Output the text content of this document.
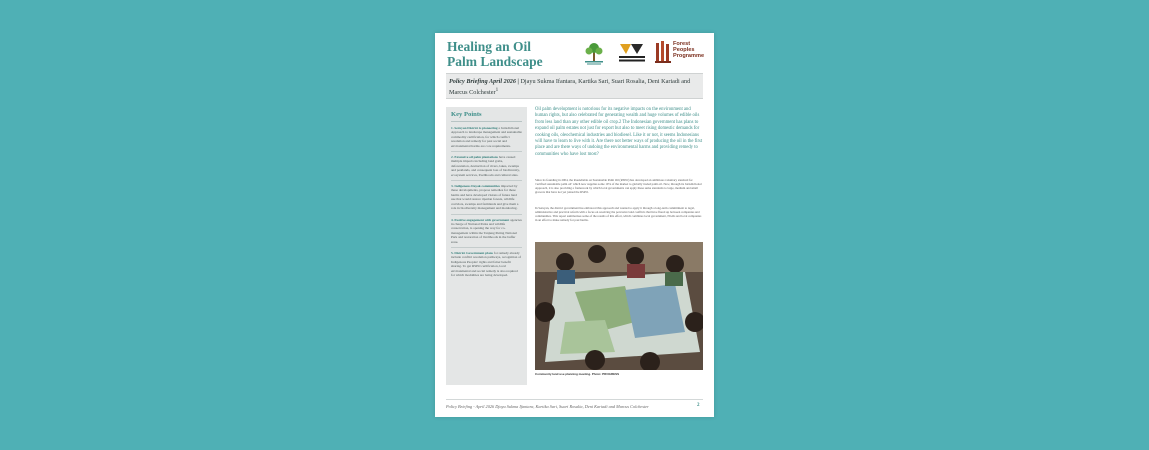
Healing an Oil
Palm Landscape
Forest
Peoples
Programme
Policy Briefing April 2026 | Djayu Sukma Ifantara, Kartika Sari, Suari Rosalia, Deni Kariadi and Marcus Colchester$^1$
Key Points
1. Seruyan District is pioneering a Jurisdictional Approach to landscape management and sustainable commodity certification, for which conflict resolution and remedy for past social and environmental harms are core requirements.
2. Extensive oil palm plantations have caused multiple impacts including land grabs, deforestation, destruction of rivers, lakes, swamps and peatlands, and consequent loss of biodiversity, ecosystem services, livelihoods and cultural sites.
3. Indigenous Dayak communities impacted by these developments, propose remedies for these harms and have developed visions of future land use that would restore riparian forests, wildlife corridors, swamps and farmlands and give them a role in biodiversity management and monitoring.
4. Positive engagement with government agencies in charge of National Parks and wildlife conservation, is opening the way for co-management within the Tanjung Puting National Park and restoration of livelihoods in the buffer zone.
5. District Government plans for remedy already include conflict resolution pathways, recognition of Indigenous Peoples' rights and fairer benefit sharing. To get RSPO certification, local environmental and social remedy is also required for which modalities are being developed.
Oil palm development is notorious for its negative impacts on the environment and human rights, but also celebrated for generating wealth and huge volumes of edible oils from less land than any other edible oil crop.2 The Indonesian government has plans to expand oil palm estates not just for export but also to meet rising domestic demands for cooking oils, oleochemical industries and biodiesel. Like it or not, it seems Indonesians will have to learn to live with it. Are there not better ways of producing the oil in the first place and are there ways of undoing the environmental harms and providing remedy to communities who have lost most?
Since its founding in 2004, the Roundtable on Sustainable Palm Oil (RSPO) has developed an ambitious voluntary standard for 'certified sustainable palm oil' which now supplies some 19% of the market to globally traded palm oil. Now, through its Jurisdictional Approach, it is also providing a framework by which local governments can apply these same standards to large, medium and small growers that have not yet joined the RSPO.
In Seruyan, the district government has embraced this approach and wanted to apply it through a long-term commitment to legal, administrative and practical reform with a focus on resolving the pervasive land conflicts that have flared up between companies and communities. This report summarises some of the results of this effort, which combines local government, NGOs and local companies in an effort to make remedy for past harms.
Community land use planning meeting. Photo: PROGRESS
Policy Briefing - April 2026 Djayu Sukma Ifantara, Kartika Sari, Suari Rosalia, Deni Kariadi and Marcus Colchester	2
